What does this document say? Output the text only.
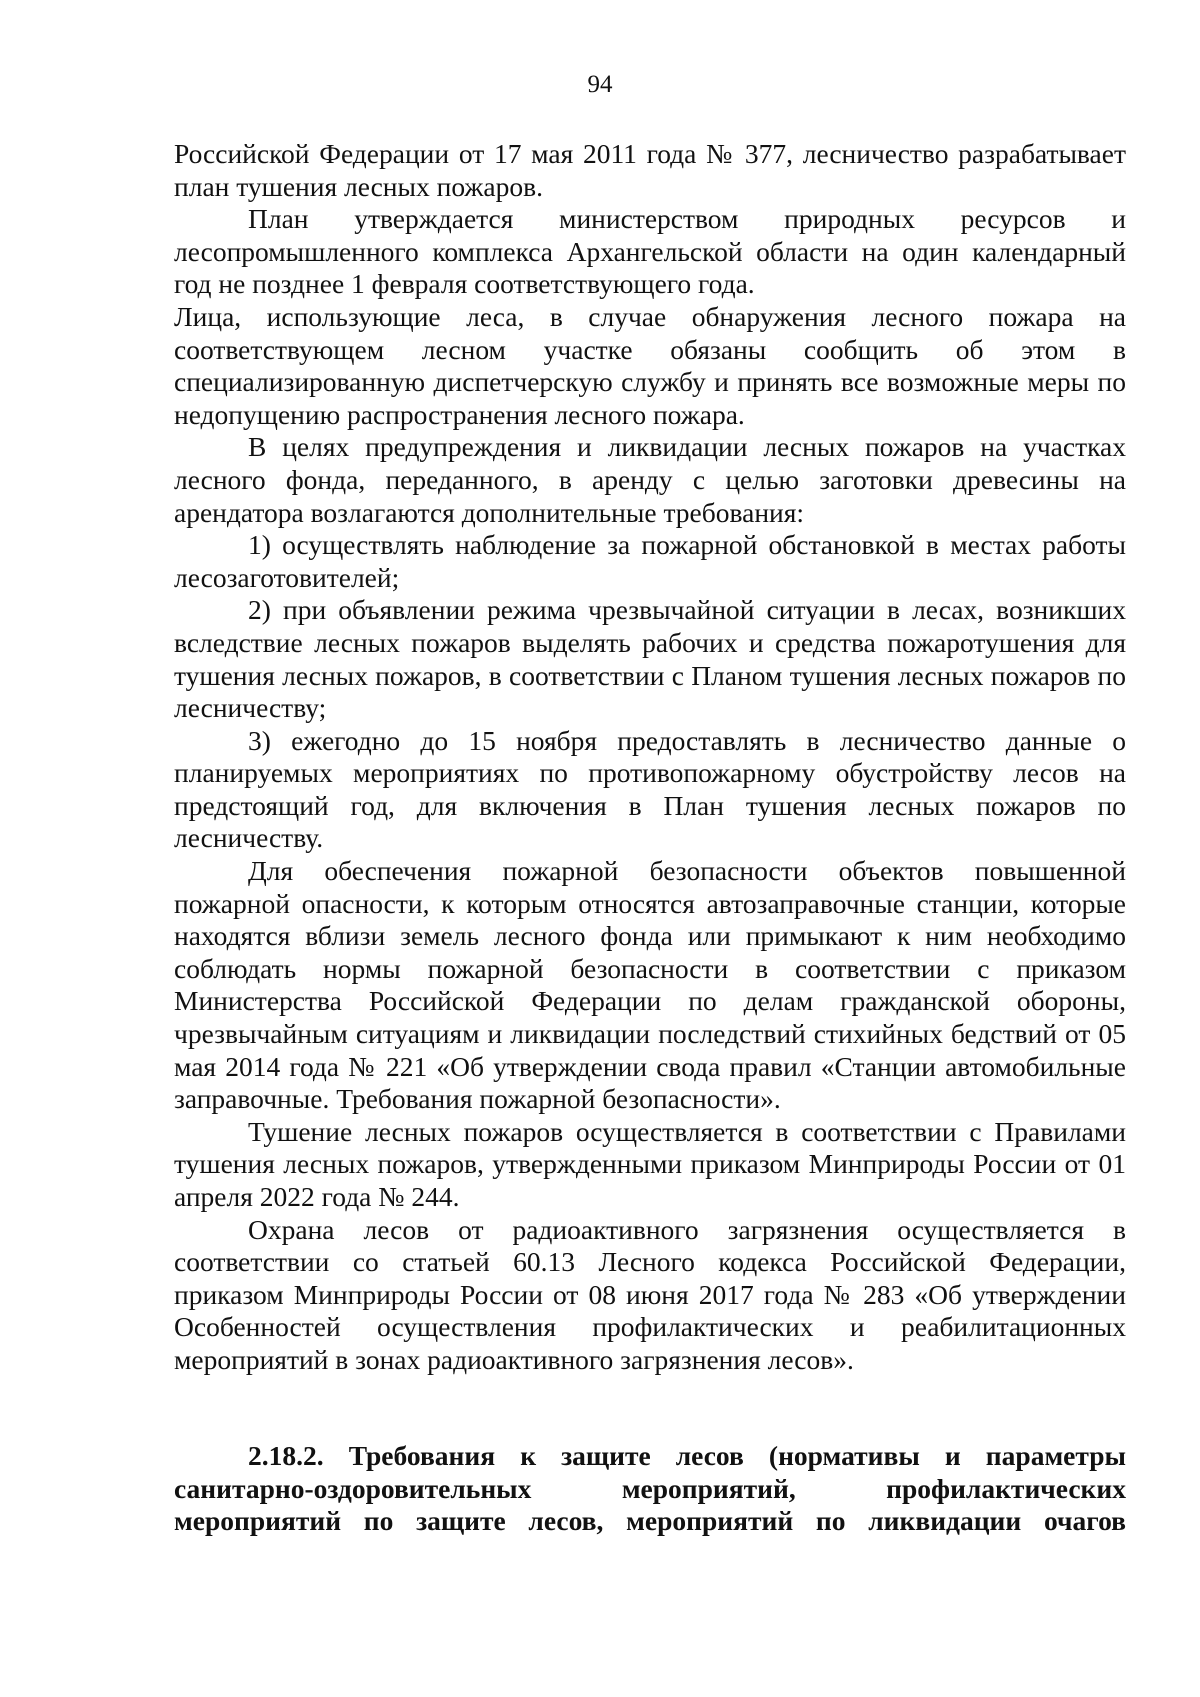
94

Российской Федерации от 17 мая 2011 года № 377, лесничество разрабатывает план тушения лесных пожаров.

План утверждается министерством природных ресурсов и лесопромышленного комплекса Архангельской области на один календарный год не позднее 1 февраля соответствующего года.

Лица, использующие леса, в случае обнаружения лесного пожара на соответствующем лесном участке обязаны сообщить об этом в специализированную диспетчерскую службу и принять все возможные меры по недопущению распространения лесного пожара.

В целях предупреждения и ликвидации лесных пожаров на участках лесного фонда, переданного, в аренду с целью заготовки древесины на арендатора возлагаются дополнительные требования:

1) осуществлять наблюдение за пожарной обстановкой в местах работы лесозаготовителей;

2) при объявлении режима чрезвычайной ситуации в лесах, возникших вследствие лесных пожаров выделять рабочих и средства пожаротушения для тушения лесных пожаров, в соответствии с Планом тушения лесных пожаров по лесничеству;

3) ежегодно до 15 ноября предоставлять в лесничество данные о планируемых мероприятиях по противопожарному обустройству лесов на предстоящий год, для включения в План тушения лесных пожаров по лесничеству.

Для обеспечения пожарной безопасности объектов повышенной пожарной опасности, к которым относятся автозаправочные станции, которые находятся вблизи земель лесного фонда или примыкают к ним необходимо соблюдать нормы пожарной безопасности в соответствии с приказом Министерства Российской Федерации по делам гражданской обороны, чрезвычайным ситуациям и ликвидации последствий стихийных бедствий от 05 мая 2014 года № 221 «Об утверждении свода правил «Станции автомобильные заправочные. Требования пожарной безопасности».

Тушение лесных пожаров осуществляется в соответствии с Правилами тушения лесных пожаров, утвержденными приказом Минприроды России от 01 апреля 2022 года № 244.

Охрана лесов от радиоактивного загрязнения осуществляется в соответствии со статьей 60.13 Лесного кодекса Российской Федерации, приказом Минприроды России от 08 июня 2017 года № 283 «Об утверждении Особенностей осуществления профилактических и реабилитационных мероприятий в зонах радиоактивного загрязнения лесов».

2.18.2. Требования к защите лесов (нормативы и параметры санитарно-оздоровительных мероприятий, профилактических мероприятий по защите лесов, мероприятий по ликвидации очагов
